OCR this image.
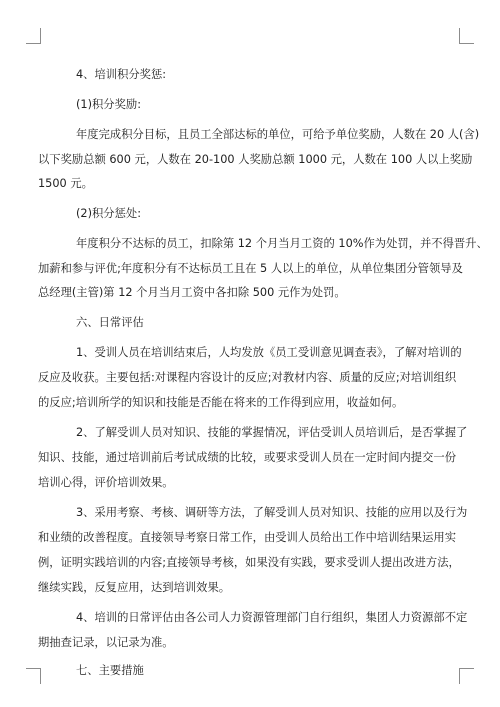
4、培训积分奖惩:
(1)积分奖励:
年度完成积分目标，且员工全部达标的单位，可给予单位奖励，人数在 20 人(含)
以下奖励总额 600 元，人数在 20-100 人奖励总额 1000 元，人数在 100 人以上奖励
1500 元。
(2)积分惩处:
年度积分不达标的员工，扣除第 12 个月当月工资的 10%作为处罚，并不得晋升、
加薪和参与评优;年度积分有不达标员工且在 5 人以上的单位，从单位集团分管领导及
总经理(主管)第 12 个月当月工资中各扣除 500 元作为处罚。
六、日常评估
1、受训人员在培训结束后，人均发放《员工受训意见调查表》，了解对培训的
反应及收获。主要包括:对课程内容设计的反应;对教材内容、质量的反应;对培训组织
的反应;培训所学的知识和技能是否能在将来的工作得到应用，收益如何。
2、了解受训人员对知识、技能的掌握情况，评估受训人员培训后，是否掌握了
知识、技能，通过培训前后考试成绩的比较，或要求受训人员在一定时间内提交一份
培训心得，评价培训效果。
3、采用考察、考核、调研等方法，了解受训人员对知识、技能的应用以及行为
和业绩的改善程度。直接领导考察日常工作，由受训人员给出工作中培训结果运用实
例，证明实践培训的内容;直接领导考核，如果没有实践，要求受训人提出改进方法，
继续实践，反复应用，达到培训效果。
4、培训的日常评估由各公司人力资源管理部门自行组织，集团人力资源部不定
期抽查记录，以记录为准。
七、主要措施
